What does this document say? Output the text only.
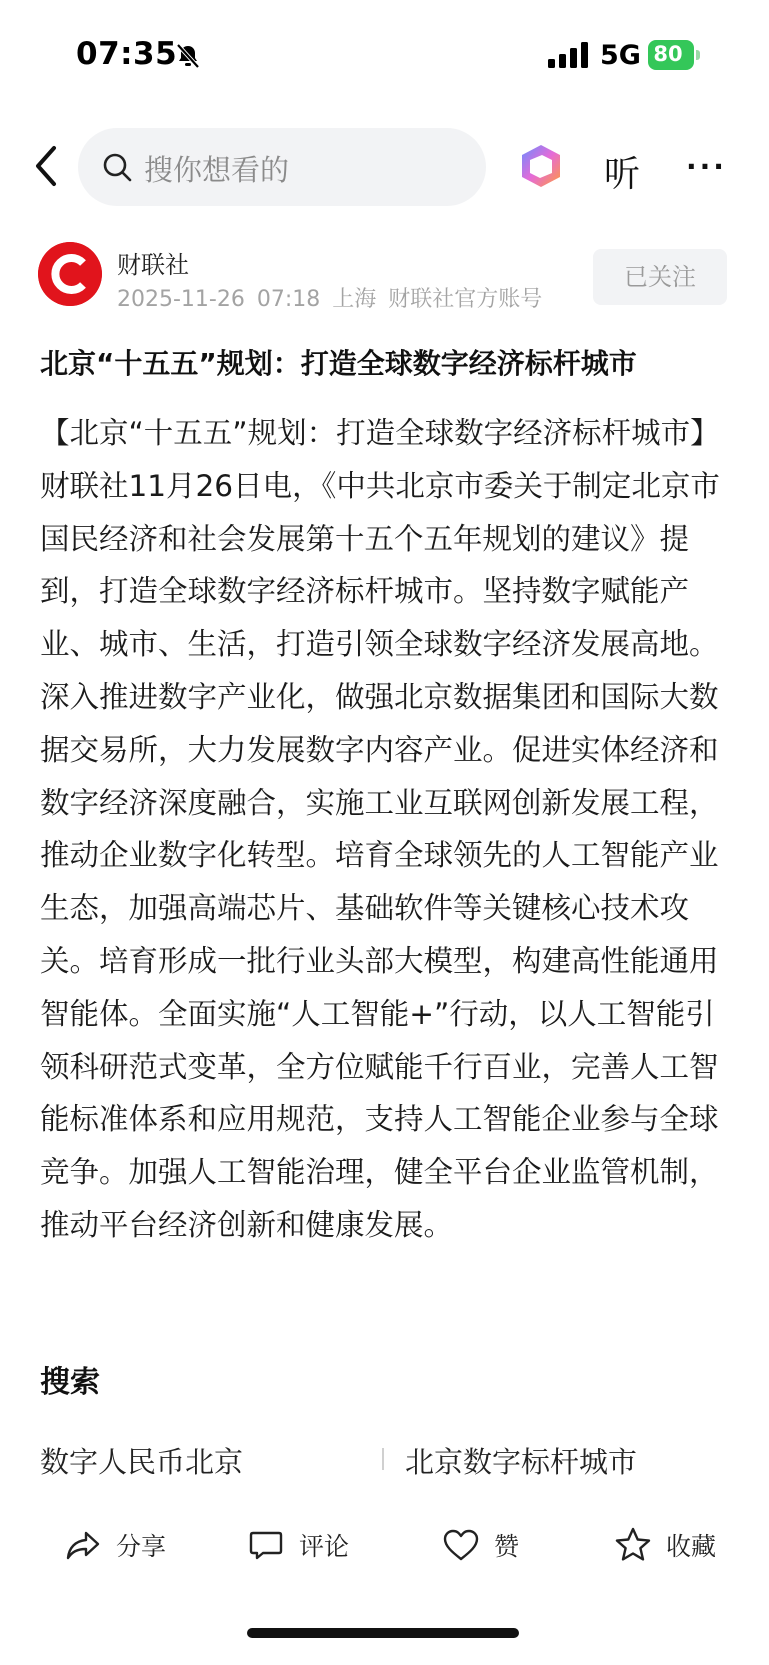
07:35	5G 80
搜你想看的	听 ···
财联社
2025-11-26 07:18 上海 财联社官方账号
已关注
北京“十五五”规划：打造全球数字经济标杆城市
【北京“十五五”规划：打造全球数字经济标杆城市】财联社11月26日电，《中共北京市委关于制定北京市国民经济和社会发展第十五个五年规划的建议》提到，打造全球数字经济标杆城市。坚持数字赋能产业、城市、生活，打造引领全球数字经济发展高地。深入推进数字产业化，做强北京数据集团和国际大数据交易所，大力发展数字内容产业。促进实体经济和数字经济深度融合，实施工业互联网创新发展工程，推动企业数字化转型。培育全球领先的人工智能产业生态，加强高端芯片、基础软件等关键核心技术攻关。培育形成一批行业头部大模型，构建高性能通用智能体。全面实施“人工智能+”行动，以人工智能引领科研范式变革，全方位赋能千行百业，完善人工智能标准体系和应用规范，支持人工智能企业参与全球竞争。加强人工智能治理，健全平台企业监管机制，推动平台经济创新和健康发展。
搜索
数字人民币北京	北京数字标杆城市
分享	评论	赞	收藏
